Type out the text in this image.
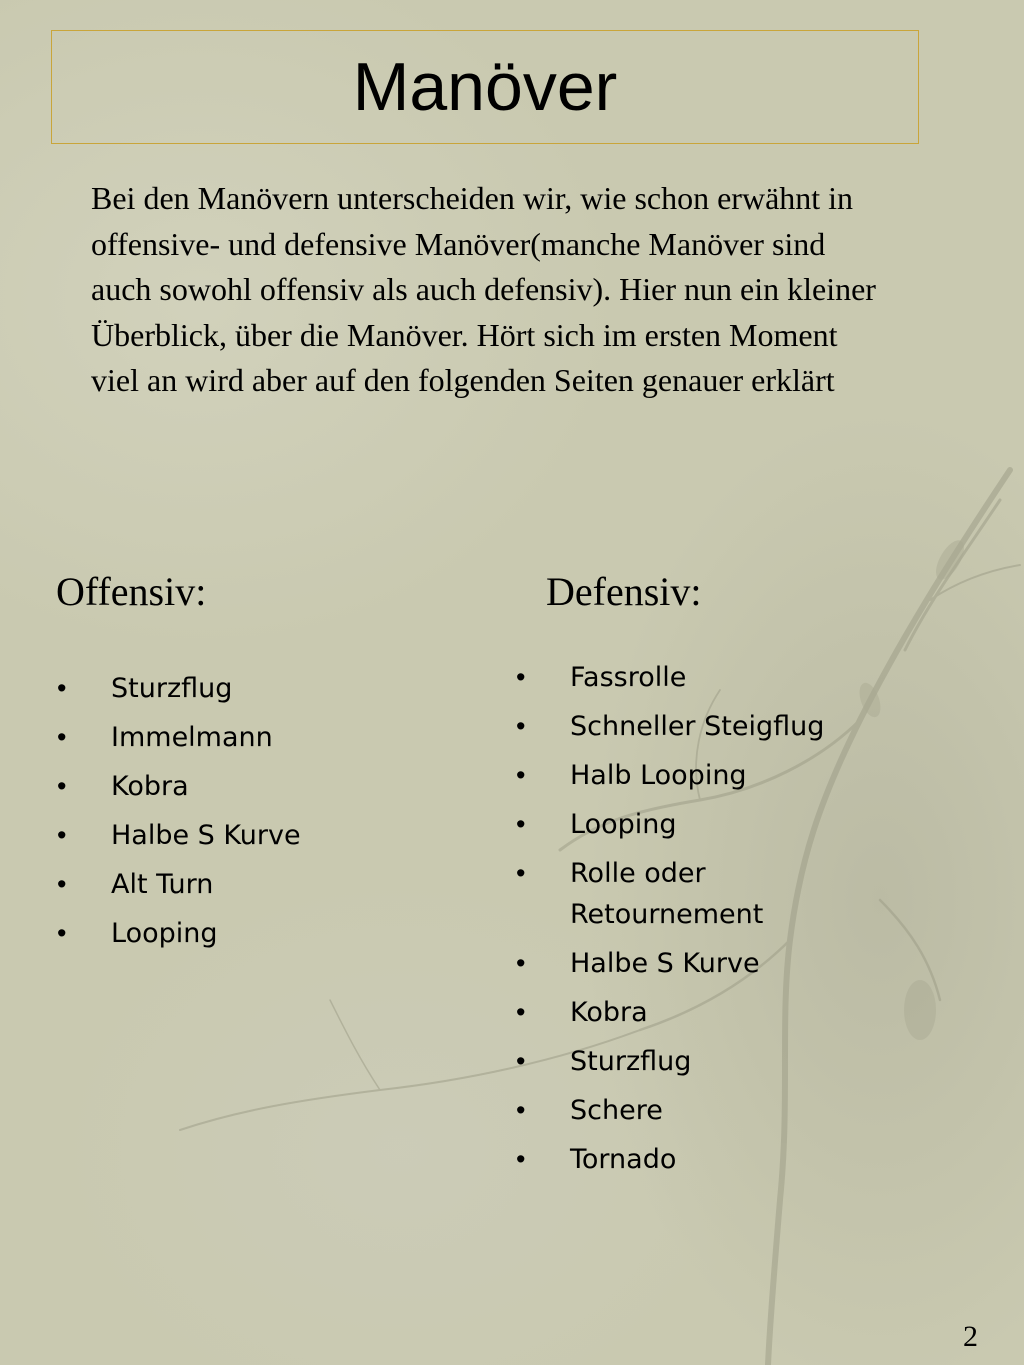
Manöver

Bei den Manövern unterscheiden wir, wie schon erwähnt in offensive- und defensive Manöver(manche Manöver sind auch sowohl offensiv als auch defensiv). Hier nun ein kleiner Überblick, über die Manöver. Hört sich im ersten Moment viel an wird aber auf den folgenden Seiten genauer erklärt

Offensiv:	Defensiv:
• Sturzflug
• Immelmann
• Kobra
• Halbe S Kurve
• Alt Turn
• Looping
• Fassrolle
• Schneller Steigflug
• Halb Looping
• Looping
• Rolle oder Retournement
• Halbe S Kurve
• Kobra
• Sturzflug
• Schere
• Tornado
2
